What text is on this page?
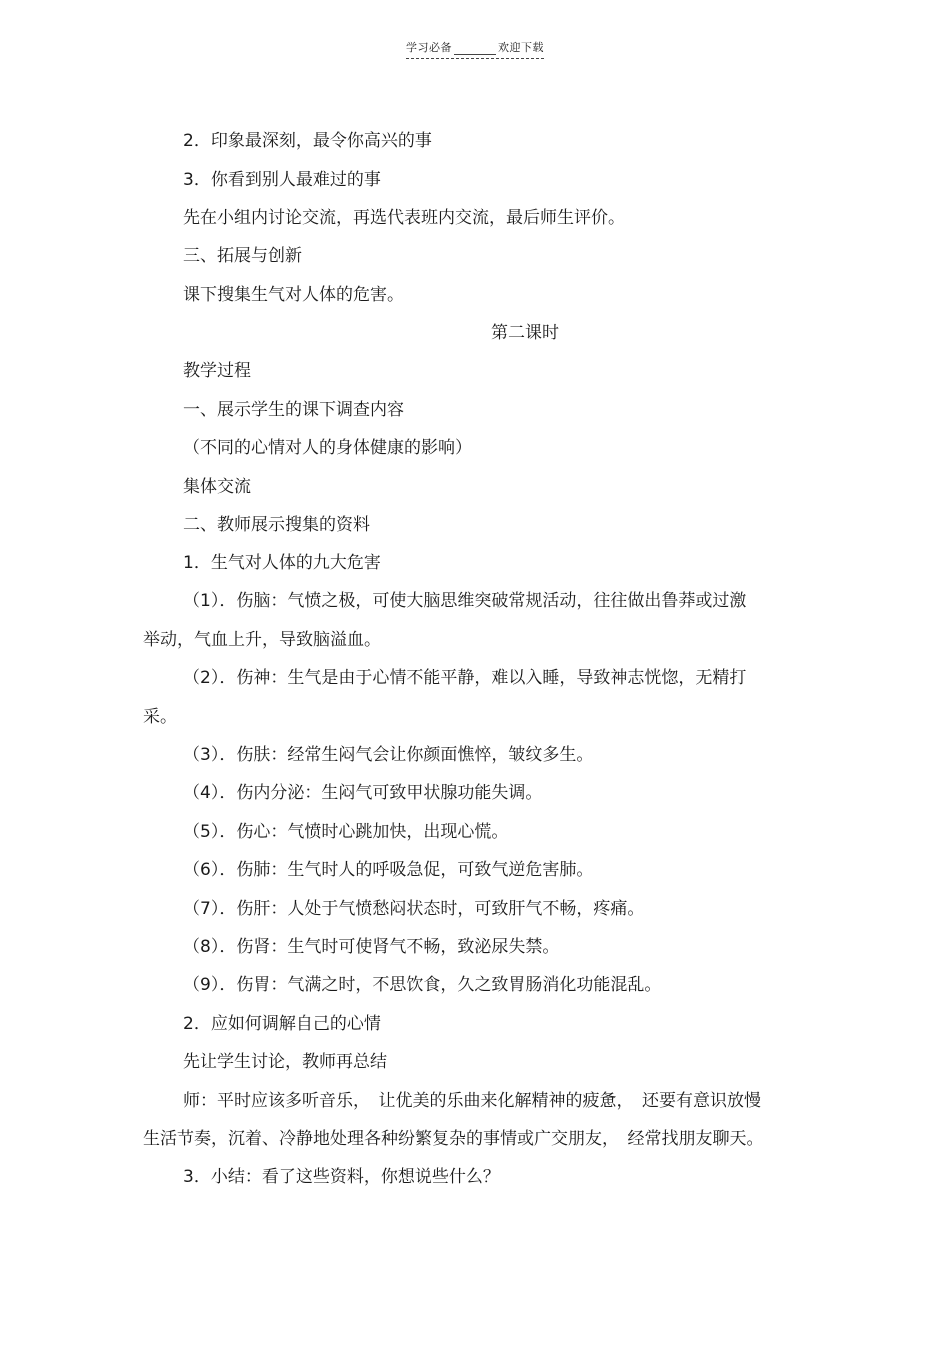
学习必备	欢迎下载
2．印象最深刻，最令你高兴的事
3．你看到别人最难过的事
先在小组内讨论交流，再选代表班内交流，最后师生评价。
三、拓展与创新
课下搜集生气对人体的危害。
第二课时
教学过程
一、展示学生的课下调查内容
（不同的心情对人的身体健康的影响）
集体交流
二、教师展示搜集的资料
1．生气对人体的九大危害
（1）．伤脑：气愤之极，可使大脑思维突破常规活动，往往做出鲁莽或过激
举动，气血上升，导致脑溢血。
（2）．伤神：生气是由于心情不能平静，难以入睡，导致神志恍惚，无精打
采。
（3）．伤肤：经常生闷气会让你颜面憔悴，皱纹多生。
（4）．伤内分泌：生闷气可致甲状腺功能失调。
（5）．伤心：气愤时心跳加快，出现心慌。
（6）．伤肺：生气时人的呼吸急促，可致气逆危害肺。
（7）．伤肝：人处于气愤愁闷状态时，可致肝气不畅，疼痛。
（8）．伤肾：生气时可使肾气不畅，致泌尿失禁。
（9）．伤胃：气满之时，不思饮食，久之致胃肠消化功能混乱。
2．应如何调解自己的心情
先让学生讨论，教师再总结
师：平时应该多听音乐，　让优美的乐曲来化解精神的疲惫，　还要有意识放慢
生活节奏，沉着、冷静地处理各种纷繁复杂的事情或广交朋友，　经常找朋友聊天。
3．小结：看了这些资料，你想说些什么？
